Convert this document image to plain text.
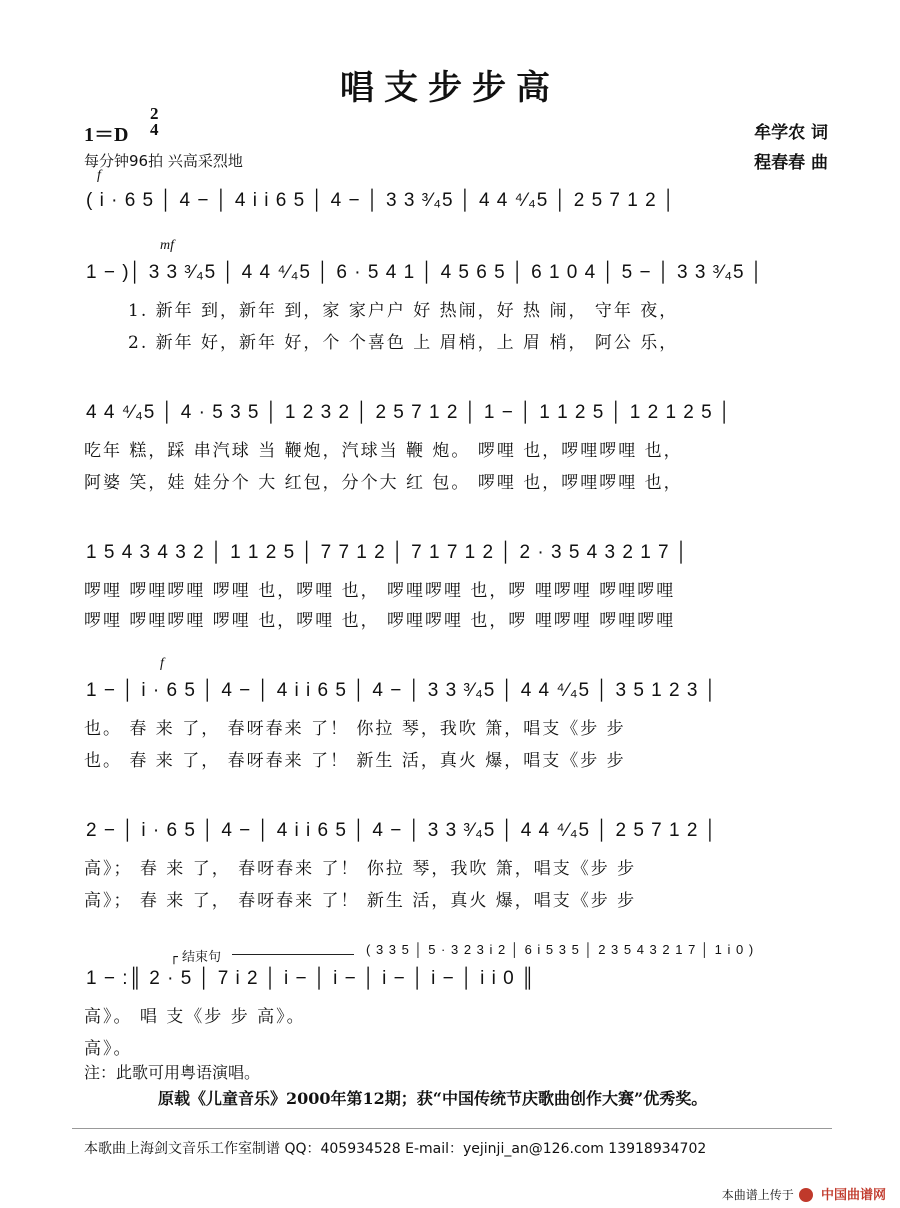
唱支步步高
1＝D
2
4
每分钟96拍 兴高采烈地
牟学农 词
程春春 曲
f
( i · 6 5 │ 4 − │ 4 i i 6 5 │ 4 − │ 3 3 ³⁄₄5 │ 4 4 ⁴⁄₄5 │ 2 5 7 1 2 │
mf
1 − )│ 3 3 ³⁄₄5 │ 4 4 ⁴⁄₄5 │ 6 · 5 4 1 │ 4 5 6 5 │ 6 1 0 4 │ 5 − │ 3 3 ³⁄₄5 │
1. 新年 到，新年 到，家 家户户 好 热闹，好 热 闹， 守年 夜，
2. 新年 好，新年 好，个 个喜色 上 眉梢，上 眉 梢， 阿公 乐，
4 4 ⁴⁄₄5 │ 4 · 5 3 5 │ 1 2 3 2 │ 2 5 7 1 2 │ 1 − │ 1 1 2 5 │ 1 2 1 2 5 │
吃年 糕，踩 串汽球 当 鞭炮，汽球当 鞭 炮。 啰哩 也，啰哩啰哩 也，
阿婆 笑，娃 娃分个 大 红包，分个大 红 包。 啰哩 也，啰哩啰哩 也，
1 5 4 3 4 3 2 │ 1 1 2 5 │ 7 7 1 2 │ 7 1 7 1 2 │ 2 · 3 5 4 3 2 1 7 │
啰哩 啰哩啰哩 啰哩 也，啰哩 也， 啰哩啰哩 也，啰 哩啰哩 啰哩啰哩
啰哩 啰哩啰哩 啰哩 也，啰哩 也， 啰哩啰哩 也，啰 哩啰哩 啰哩啰哩
f
1 − │ i · 6 5 │ 4 − │ 4 i i 6 5 │ 4 − │ 3 3 ³⁄₄5 │ 4 4 ⁴⁄₄5 │ 3 5 1 2 3 │
也。 春 来 了， 春呀春来 了！ 你拉 琴，我吹 箫，唱支《步 步
也。 春 来 了， 春呀春来 了！ 新生 活，真火 爆，唱支《步 步
2 − │ i · 6 5 │ 4 − │ 4 i i 6 5 │ 4 − │ 3 3 ³⁄₄5 │ 4 4 ⁴⁄₄5 │ 2 5 7 1 2 │
高》； 春 来 了， 春呀春来 了！ 你拉 琴，我吹 箫，唱支《步 步
高》； 春 来 了， 春呀春来 了！ 新生 活，真火 爆，唱支《步 步
┌ 结束句
( 3 3 5 │ 5 · 3 2 3 i 2 │ 6 i 5 3 5 │ 2 3 5 4 3 2 1 7 │ 1 i 0 )
1 − :║ 2 · 5 │ 7 i 2 │ i − │ i − │ i − │ i − │ i i 0 ║
高》。 唱 支《步 步 高》。
高》。
注：此歌可用粤语演唱。
原载《儿童音乐》2000年第12期；获“中国传统节庆歌曲创作大赛”优秀奖。
本歌曲上海剑文音乐工作室制谱 QQ：405934528 E-mail：yejinji_an@126.com 13918934702
本曲谱上传于 中国曲谱网
